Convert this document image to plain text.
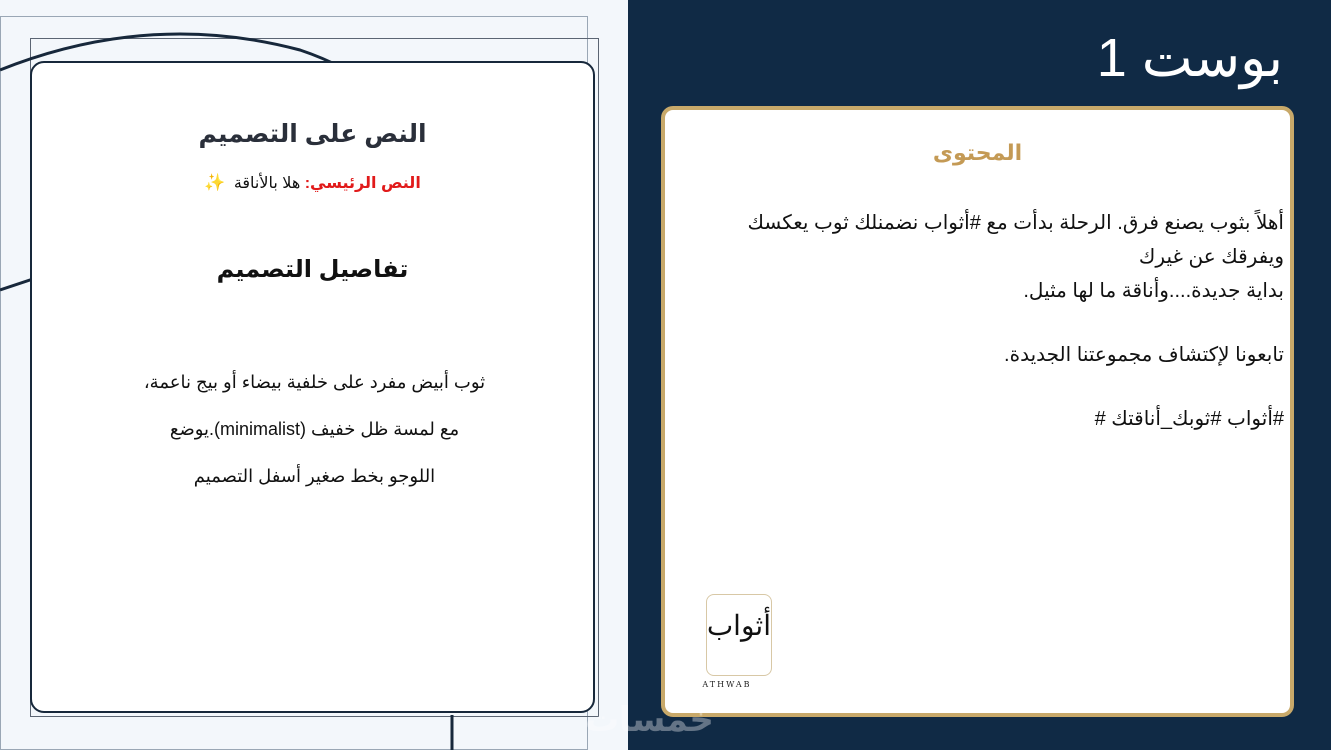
النص على التصميم
النص الرئيسي: هلا بالأناقة ✨
تفاصيل التصميم
ثوب أبيض مفرد على خلفية بيضاء أو بيج ناعمة،
مع لمسة ظل خفيف (minimalist).يوضع
اللوجو بخط صغير أسفل التصميم
بوست 1
المحتوى
أهلاً بثوب يصنع فرق. الرحلة بدأت مع #أثواب نضمنلك ثوب يعكسك
ويفرقك عن غيرك
بداية جديدة....وأناقة ما لها مثيل.
تابعونا لإكتشاف مجموعتنا الجديدة.
#أثواب #ثوبك_أناقتك #
أثواب
ATHWAB
خمسات
